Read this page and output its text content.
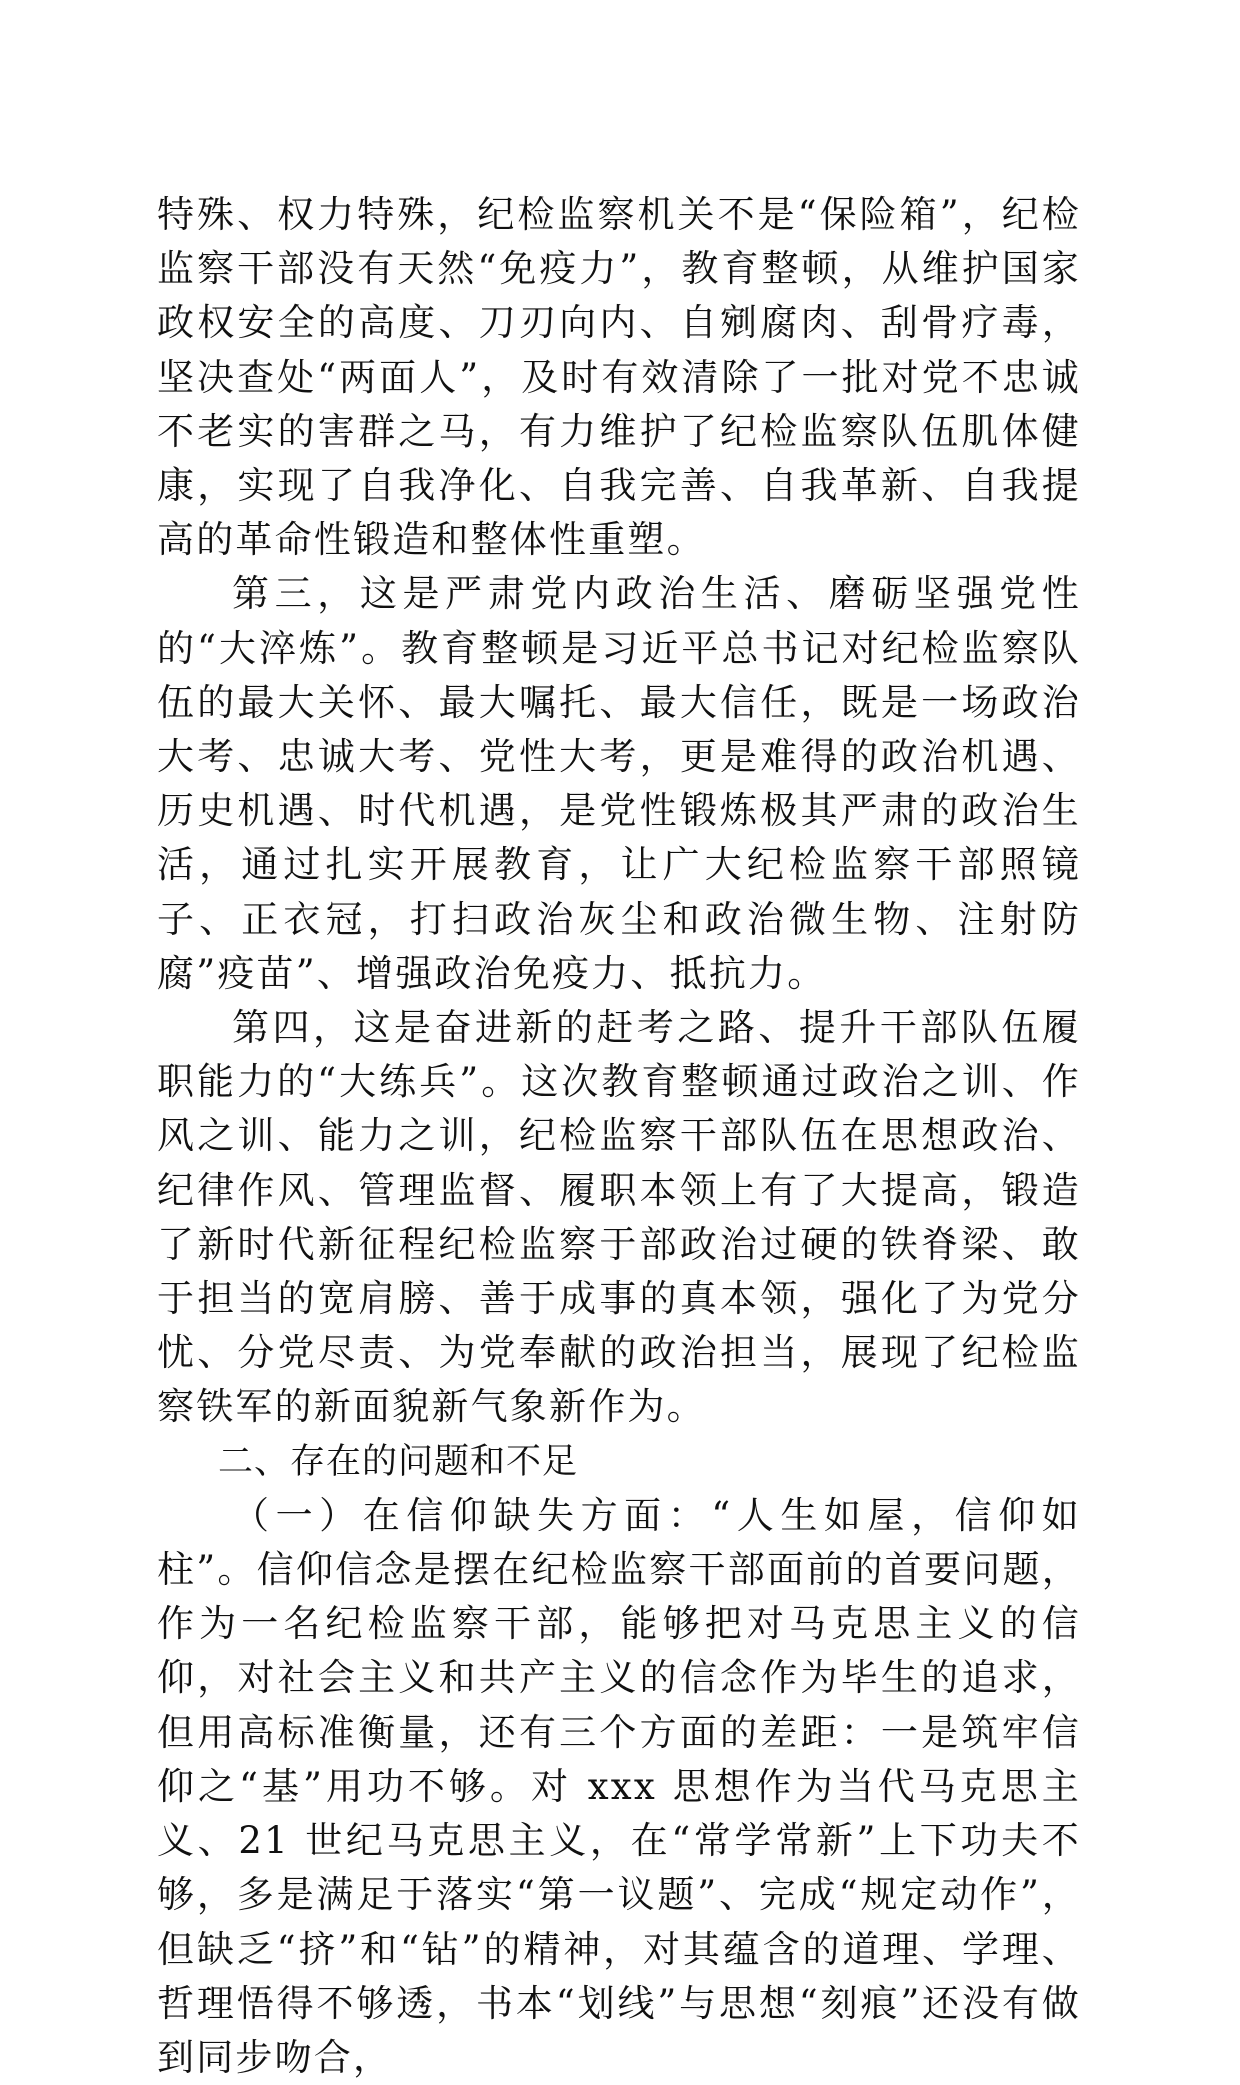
特殊、权力特殊，纪检监察机关不是“保险箱”，纪检监察干部没有天然“免疫力”，教育整顿，从维护国家政权安全的高度、刀刃向内、自剜腐肉、刮骨疗毒，坚决查处“两面人”，及时有效清除了一批对党不忠诚不老实的害群之马，有力维护了纪检监察队伍肌体健康，实现了自我净化、自我完善、自我革新、自我提高的革命性锻造和整体性重塑。

第三，这是严肃党内政治生活、磨砺坚强党性的“大淬炼”。教育整顿是习近平总书记对纪检监察队伍的最大关怀、最大嘱托、最大信任，既是一场政治大考、忠诚大考、党性大考，更是难得的政治机遇、历史机遇、时代机遇，是党性锻炼极其严肃的政治生活，通过扎实开展教育，让广大纪检监察干部照镜子、正衣冠，打扫政治灰尘和政治微生物、注射防腐”疫苗”、增强政治免疫力、抵抗力。

第四，这是奋进新的赶考之路、提升干部队伍履职能力的“大练兵”。这次教育整顿通过政治之训、作风之训、能力之训，纪检监察干部队伍在思想政治、纪律作风、管理监督、履职本领上有了大提高，锻造了新时代新征程纪检监察于部政治过硬的铁脊梁、敢于担当的宽肩膀、善于成事的真本领，强化了为党分忧、分党尽责、为党奉献的政治担当，展现了纪检监察铁军的新面貌新气象新作为。

二、存在的问题和不足

（一）在信仰缺失方面：“人生如屋，信仰如柱”。信仰信念是摆在纪检监察干部面前的首要问题，作为一名纪检监察干部，能够把对马克思主义的信仰，对社会主义和共产主义的信念作为毕生的追求，但用高标准衡量，还有三个方面的差距：一是筑牢信仰之“基”用功不够。对 xxx 思想作为当代马克思主义、21 世纪马克思主义，在“常学常新”上下功夫不够，多是满足于落实“第一议题”、完成“规定动作”，但缺乏“挤”和“钻”的精神，对其蕴含的道理、学理、哲理悟得不够透，书本“划线”与思想“刻痕”还没有做到同步吻合，
